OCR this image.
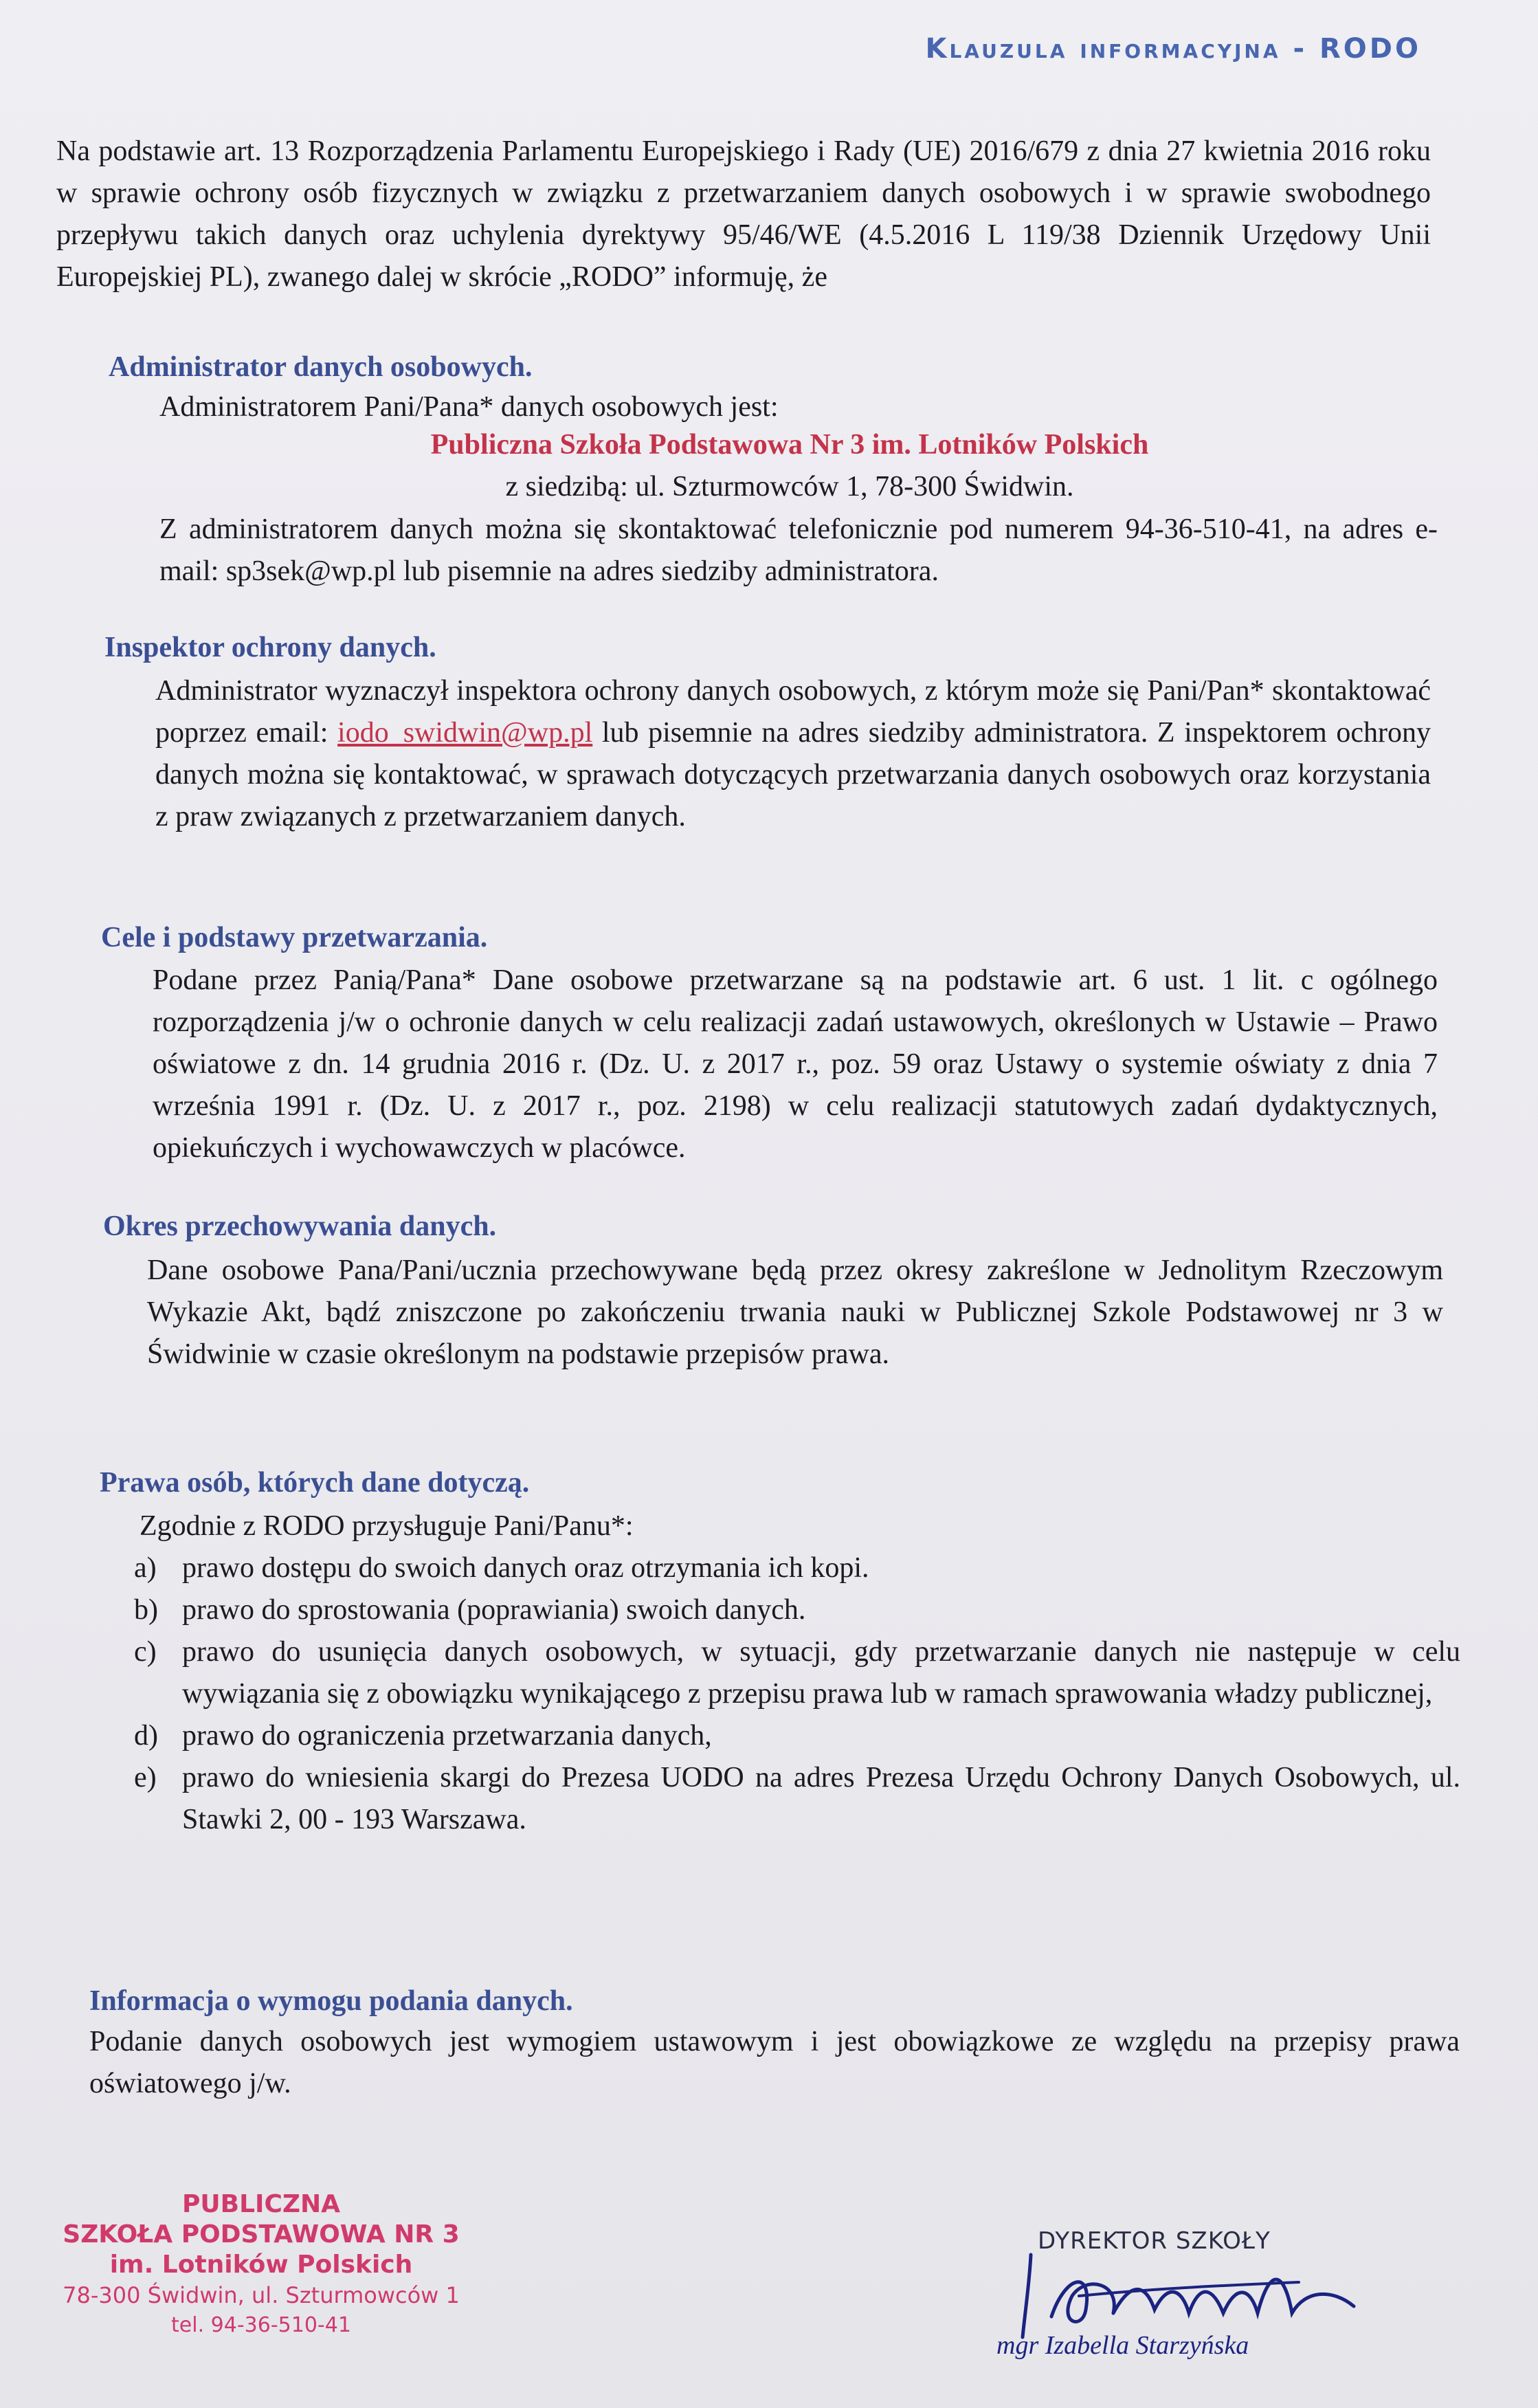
Klauzula informacyjna - RODO
Na podstawie art. 13 Rozporządzenia Parlamentu Europejskiego i Rady (UE) 2016/679 z dnia 27 kwietnia 2016 roku w sprawie ochrony osób fizycznych w związku z przetwarzaniem danych osobowych i w sprawie swobodnego przepływu takich danych oraz uchylenia dyrektywy 95/46/WE (4.5.2016 L 119/38 Dziennik Urzędowy Unii Europejskiej PL), zwanego dalej w skrócie „RODO” informuję, że
Administrator danych osobowych.
Administratorem Pani/Pana* danych osobowych jest:
Publiczna Szkoła Podstawowa Nr 3 im. Lotników Polskich
z siedzibą: ul. Szturmowców 1, 78-300 Świdwin.
Z administratorem danych można się skontaktować telefonicznie pod numerem 94-36-510-41, na adres e-mail: sp3sek@wp.pl lub pisemnie na adres siedziby administratora.
Inspektor ochrony danych.
Administrator wyznaczył inspektora ochrony danych osobowych, z którym może się Pani/Pan* skontaktować poprzez email: iodo_swidwin@wp.pl lub pisemnie na adres siedziby administratora. Z inspektorem ochrony danych można się kontaktować, w sprawach dotyczących przetwarzania danych osobowych oraz korzystania z praw związanych z przetwarzaniem danych.
Cele i podstawy przetwarzania.
Podane przez Panią/Pana* Dane osobowe przetwarzane są na podstawie art. 6 ust. 1 lit. c ogólnego rozporządzenia j/w o ochronie danych w celu realizacji zadań ustawowych, określonych w Ustawie – Prawo oświatowe z dn. 14 grudnia 2016 r. (Dz. U. z 2017 r., poz. 59 oraz Ustawy o systemie oświaty z dnia 7 września 1991 r. (Dz. U. z 2017 r., poz. 2198) w celu realizacji statutowych zadań dydaktycznych, opiekuńczych i wychowawczych w placówce.
Okres przechowywania danych.
Dane osobowe Pana/Pani/ucznia przechowywane będą przez okresy zakreślone w Jednolitym Rzeczowym Wykazie Akt, bądź zniszczone po zakończeniu trwania nauki w Publicznej Szkole Podstawowej nr 3 w Świdwinie w czasie określonym na podstawie przepisów prawa.
Prawa osób, których dane dotyczą.
Zgodnie z RODO przysługuje Pani/Panu*:
a) prawo dostępu do swoich danych oraz otrzymania ich kopi.
b) prawo do sprostowania (poprawiania) swoich danych.
c) prawo do usunięcia danych osobowych, w sytuacji, gdy przetwarzanie danych nie następuje w celu wywiązania się z obowiązku wynikającego z przepisu prawa lub w ramach sprawowania władzy publicznej,
d) prawo do ograniczenia przetwarzania danych,
e) prawo do wniesienia skargi do Prezesa UODO na adres Prezesa Urzędu Ochrony Danych Osobowych, ul. Stawki 2, 00 - 193 Warszawa.
Informacja o wymogu podania danych.
Podanie danych osobowych jest wymogiem ustawowym i jest obowiązkowe ze względu na przepisy prawa oświatowego j/w.
PUBLICZNA
SZKOŁA PODSTAWOWA NR 3
im. Lotników Polskich
78-300 Świdwin, ul. Szturmowców 1
tel. 94-36-510-41
DYREKTOR SZKOŁY
mgr Izabella Starzyńska
